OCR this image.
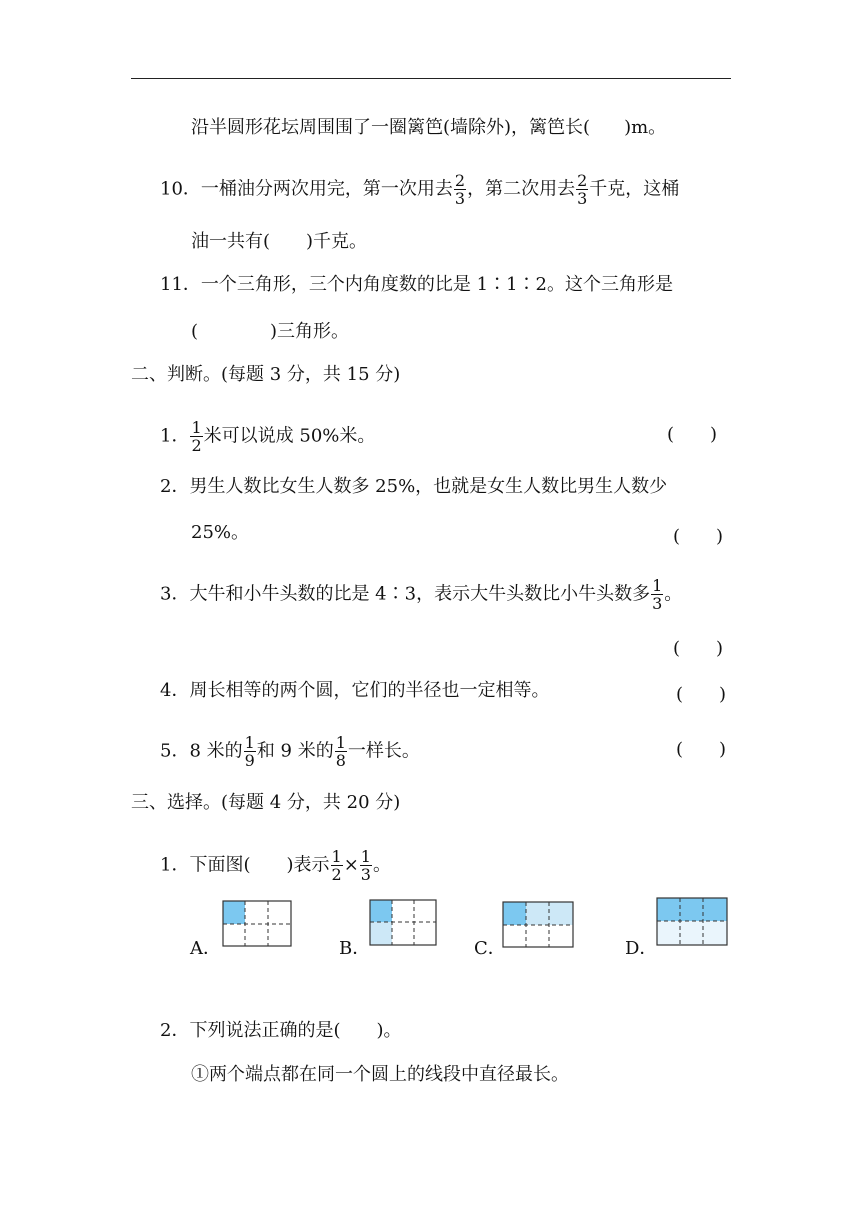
沿半圆形花坛周围围了一圈篱笆(墙除外)，篱笆长( )m。
10．一桶油分两次用完，第一次用去 $\frac{2}{3}$ ，第二次用去 $\frac{2}{3}$ 千克，这桶
油一共有(　　)千克。
11．一个三角形，三个内角度数的比是 1∶1∶2。这个三角形是
(　　　　)三角形。
二、判断。(每题 3 分，共 15 分)
1． $\frac{1}{2}$ 米可以说成 50%米。	(　　)
2．男生人数比女生人数多 25%，也就是女生人数比男生人数少
25%。	(　　)
3．大牛和小牛头数的比是 4∶3，表示大牛头数比小牛头数多 $\frac{1}{3}$ 。
(　　)
4．周长相等的两个圆，它们的半径也一定相等。	(　　)
5．8 米的 $\frac{1}{9}$ 和 9 米的 $\frac{1}{8}$ 一样长。	(　　)
三、选择。(每题 4 分，共 20 分)
1．下面图(　　)表示 $\frac{1}{2} \times \frac{1}{3}$ 。
A．	B．	C．	D．
2．下列说法正确的是(　　)。
①两个端点都在同一个圆上的线段中直径最长。
